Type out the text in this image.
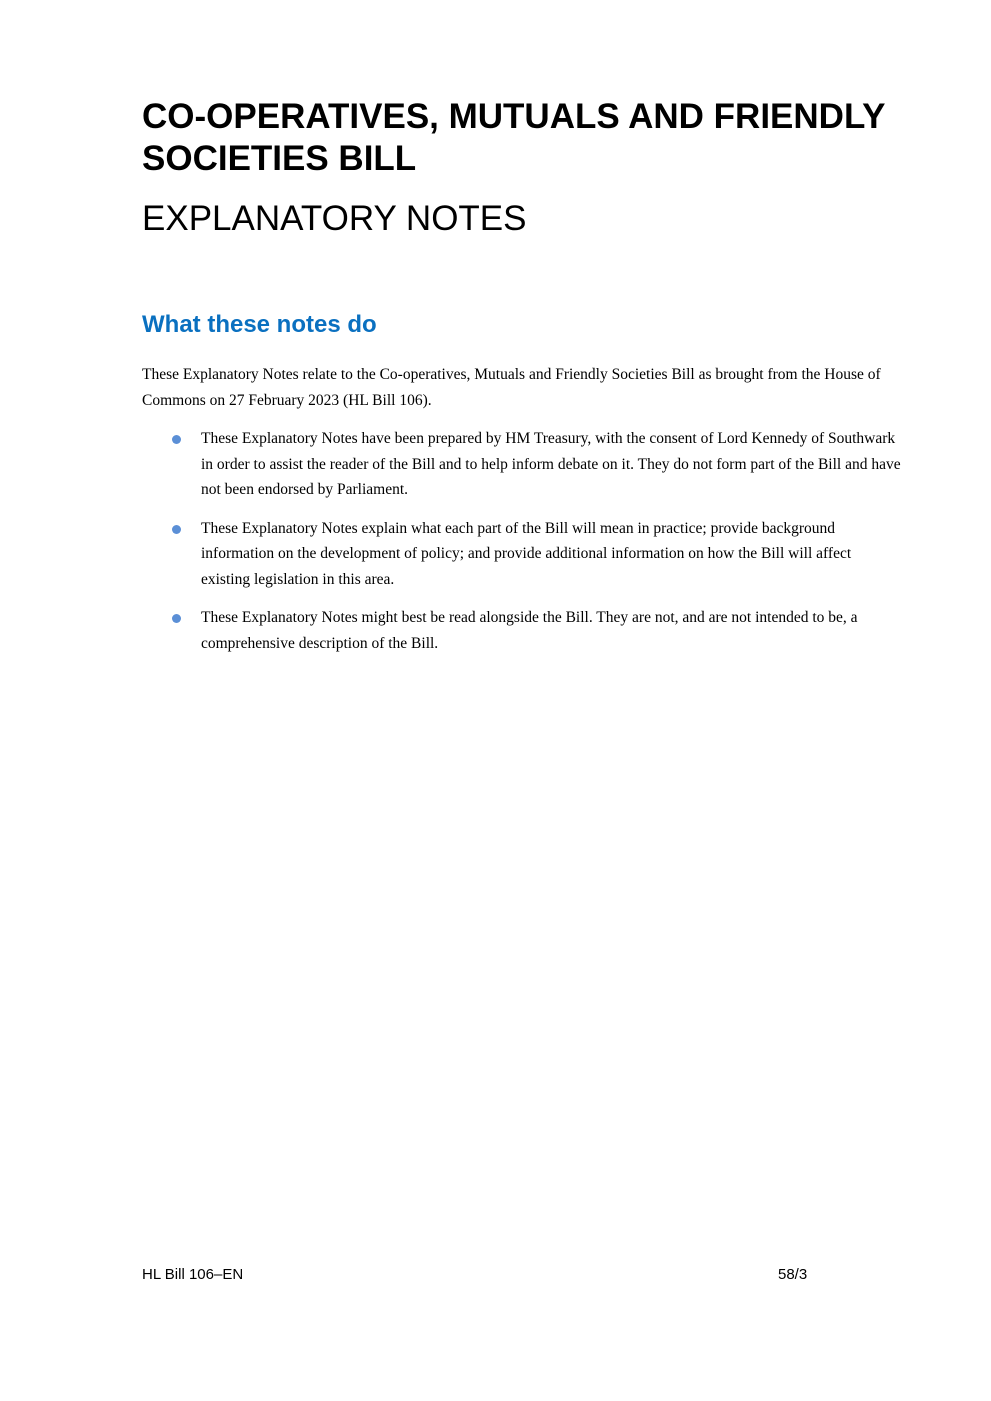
CO-OPERATIVES, MUTUALS AND FRIENDLY SOCIETIES BILL
EXPLANATORY NOTES
What these notes do

These Explanatory Notes relate to the Co-operatives, Mutuals and Friendly Societies Bill as brought from the House of Commons on 27 February 2023 (HL Bill 106).

These Explanatory Notes have been prepared by HM Treasury, with the consent of Lord Kennedy of Southwark in order to assist the reader of the Bill and to help inform debate on it. They do not form part of the Bill and have not been endorsed by Parliament.
These Explanatory Notes explain what each part of the Bill will mean in practice; provide background information on the development of policy; and provide additional information on how the Bill will affect existing legislation in this area.
These Explanatory Notes might best be read alongside the Bill. They are not, and are not intended to be, a comprehensive description of the Bill.
HL Bill 106–EN	58/3
